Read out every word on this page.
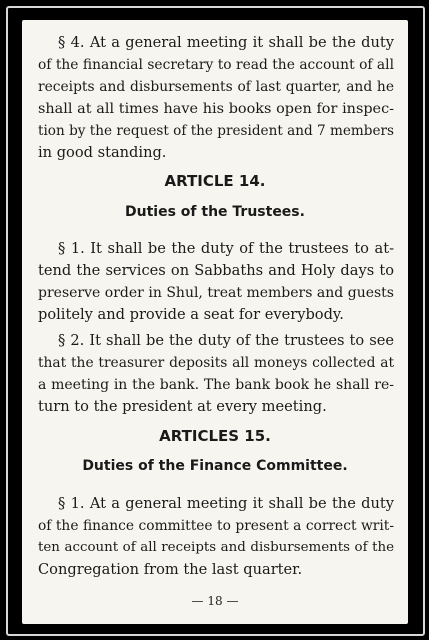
§ 4. At a general meeting it shall be the duty
of the financial secretary to read the account of all
receipts and disbursements of last quarter, and he
shall at all times have his books open for inspec-
tion by the request of the president and 7 members
in good standing.
ARTICLE 14.
Duties of the Trustees.
§ 1. It shall be the duty of the trustees to at-
tend the services on Sabbaths and Holy days to
preserve order in Shul, treat members and guests
politely and provide a seat for everybody.
§ 2. It shall be the duty of the trustees to see
that the treasurer deposits all moneys collected at
a meeting in the bank. The bank book he shall re-
turn to the president at every meeting.
ARTICLES 15.
Duties of the Finance Committee.
§ 1. At a general meeting it shall be the duty
of the finance committee to present a correct writ-
ten account of all receipts and disbursements of the
Congregation from the last quarter.
— 18 —
